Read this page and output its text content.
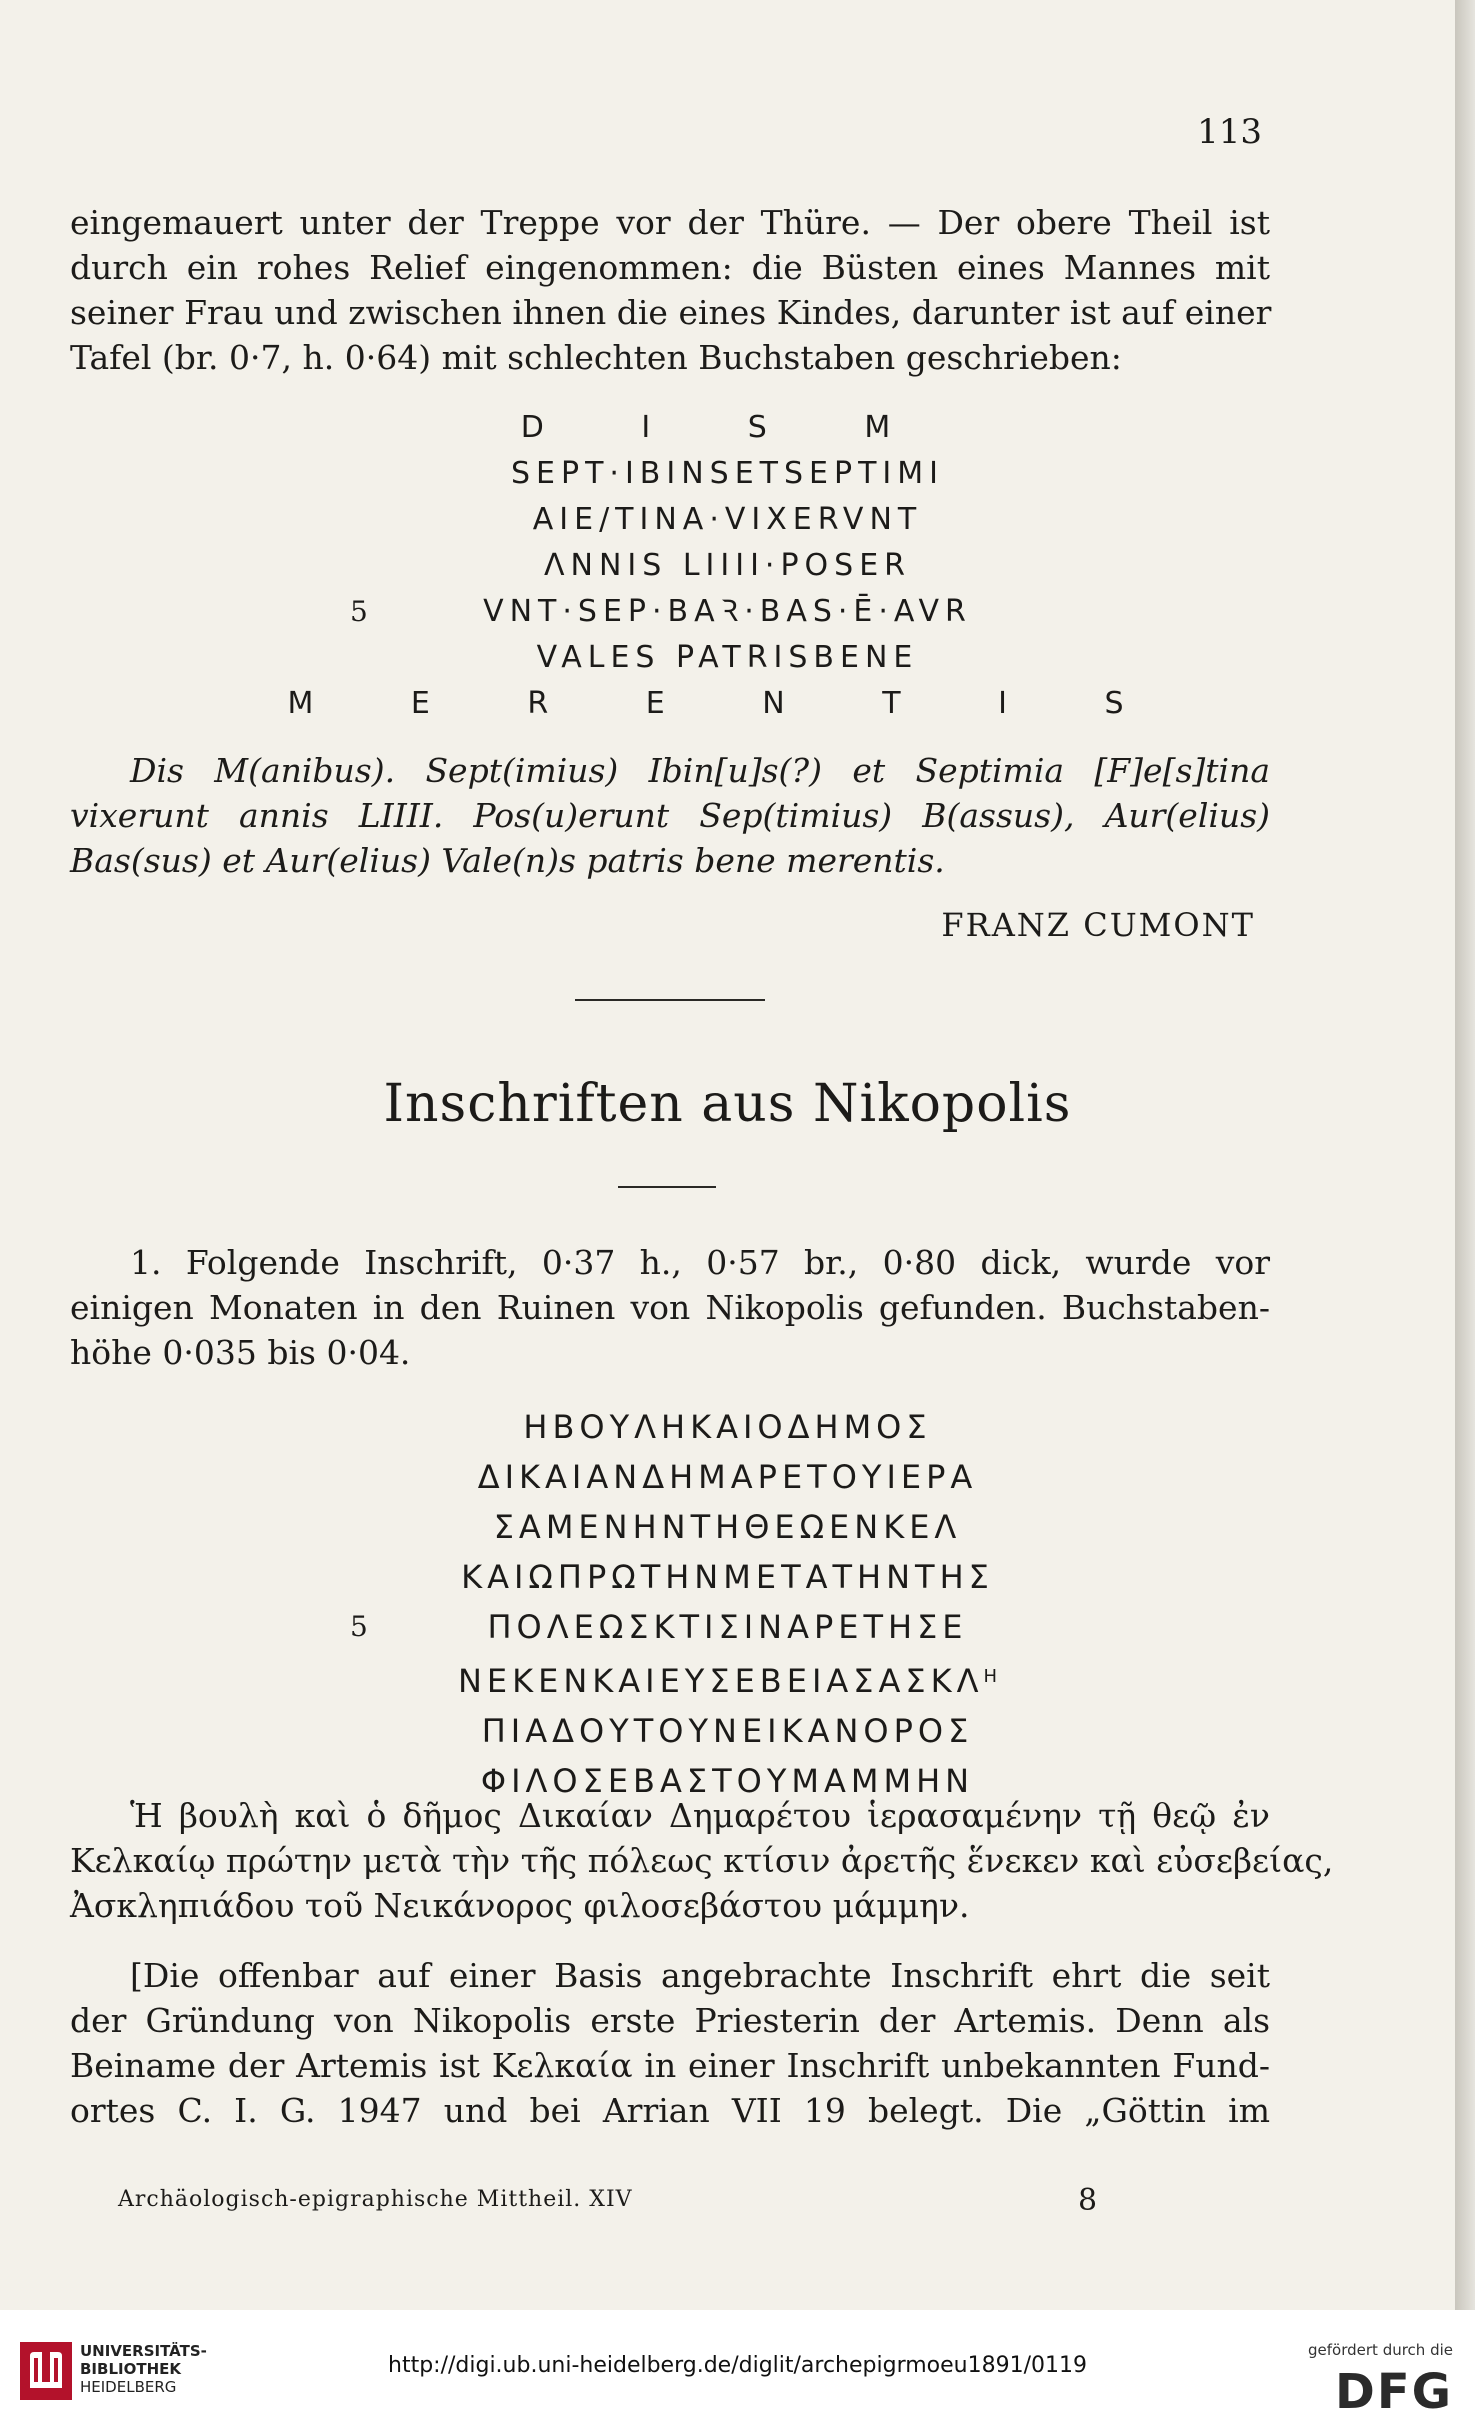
113
eingemauert unter der Treppe vor der Thüre. — Der obere Theil ist
durch ein rohes Relief eingenommen: die Büsten eines Mannes mit
seiner Frau und zwischen ihnen die eines Kindes, darunter ist auf einer
Tafel (br. 0·7, h. 0·64) mit schlechten Buchstaben geschrieben:
D I S M
SEPT·IBINSETSEPTIMI
AIE/TINA·VIXERVNT
ΛNNIS LIIII·POSER
5	VNT·SEP·BAꝚ·BAS·Ē·AVR
VALES PATRISBENE
M E R E N T I S
Dis M(anibus). Sept(imius) Ibin[u]s(?) et Septimia [F]e[s]tina
vixerunt annis LIIII. Pos(u)erunt Sep(timius) B(assus), Aur(elius)
Bas(sus) et Aur(elius) Vale(n)s patris bene merentis.
FRANZ CUMONT
Inschriften aus Nikopolis
1. Folgende Inschrift, 0·37 h., 0·57 br., 0·80 dick, wurde vor
einigen Monaten in den Ruinen von Nikopolis gefunden. Buchstaben-
höhe 0·035 bis 0·04.
ΗΒΟΥΛΗΚΑΙΟΔΗΜΟΣ
ΔΙΚΑΙΑΝΔΗΜΑΡΕΤΟΥΙΕΡΑ
ΣΑΜΕΝΗΝΤΗΘΕΩΕΝΚΕΛ
ΚΑΙΩΠΡΩΤΗΝΜΕΤΑΤΗΝΤΗΣ
5	ΠΟΛΕΩΣΚΤΙΣΙΝΑΡΕΤΗΣΕ
$NEKENKAIE\Upsilon\Sigma EBEIA\Sigma A\Sigma K\Lambda^H$
ΠΙΑΔΟΥΤΟΥΝΕΙΚΑΝΟΡΟΣ
ΦΙΛΟΣΕΒΑΣΤΟΥΜΑΜΜΗΝ
Ἡ βουλὴ καὶ ὁ δῆμος Δικαίαν Δημαρέτου ἱερασαμένην τῇ θεῷ ἐν
Κελκαίῳ πρώτην μετὰ τὴν τῆς πόλεως κτίσιν ἀρετῆς ἕνεκεν καὶ εὐσεβείας,
Ἀσκληπιάδου τοῦ Νεικάνορος φιλοσεβάστου μάμμην.
[Die offenbar auf einer Basis angebrachte Inschrift ehrt die seit
der Gründung von Nikopolis erste Priesterin der Artemis. Denn als
Beiname der Artemis ist Κελκαία in einer Inschrift unbekannten Fund-
ortes C. I. G. 1947 und bei Arrian VII 19 belegt. Die „Göttin im
Archäologisch-epigraphische Mittheil. XIV	8
UNIVERSITÄTS-
BIBLIOTHEK
HEIDELBERG
http://digi.ub.uni-heidelberg.de/diglit/archepigrmoeu1891/0119
gefördert durch die
DFG
